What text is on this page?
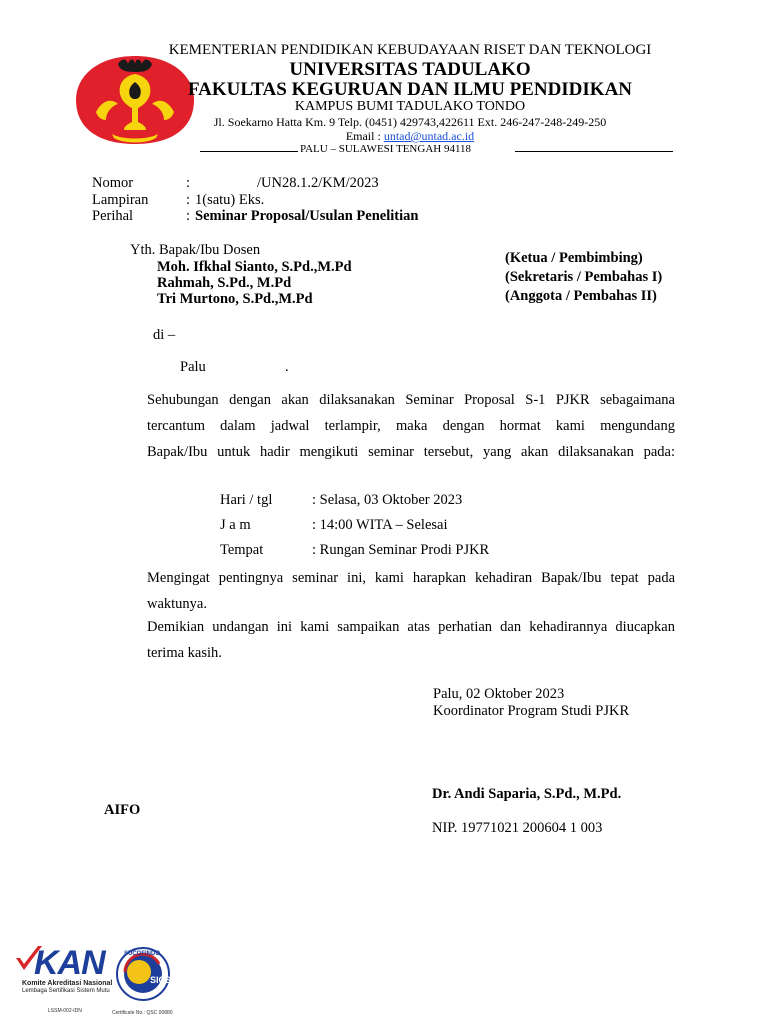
KEMENTERIAN PENDIDIKAN KEBUDAYAAN RISET DAN TEKNOLOGI
UNIVERSITAS TADULAKO
FAKULTAS KEGURUAN DAN ILMU PENDIDIKAN
KAMPUS BUMI TADULAKO TONDO
Jl. Soekarno Hatta Km. 9 Telp. (0451) 429743,422611 Ext. 246-247-248-249-250
Email : untad@untad.ac.id
PALU – SULAWESI TENGAH 94118
Nomor	:	/UN28.1.2/KM/2023
Lampiran	: 1(satu) Eks.
Perihal	: Seminar Proposal/Usulan Penelitian
Yth. Bapak/Ibu Dosen
Moh. Ifkhal Sianto, S.Pd.,M.Pd
Rahmah, S.Pd., M.Pd
Tri Murtono, S.Pd.,M.Pd
(Ketua / Pembimbing)
(Sekretaris / Pembahas I)
(Anggota / Pembahas II)
di –
Palu	.
Sehubungan dengan akan dilaksanakan Seminar Proposal S-1 PJKR sebagaimana
tercantum dalam jadwal terlampir, maka dengan hormat kami mengundang
Bapak/Ibu untuk hadir mengikuti seminar tersebut, yang akan dilaksanakan pada:
Hari / tgl	: Selasa, 03 Oktober 2023
J a m	: 14:00 WITA – Selesai
Tempat	: Rungan Seminar Prodi PJKR
Mengingat pentingnya seminar ini, kami harapkan kehadiran Bapak/Ibu tepat pada
waktunya.
Demikian undangan ini kami sampaikan atas perhatian dan kehadirannya diucapkan
terima kasih.
Palu, 02 Oktober 2023
Koordinator Program Studi PJKR
Dr. Andi Saparia, S.Pd., M.Pd.
NIP. 19771021 200604 1 003
AIFO
KAN
Komite Akreditasi Nasional
Lembaga Sertifikasi Sistem Mutu
LSSM-002-IDN
SICS
SUCOFINDO
Certificate No.: QSC 00880
